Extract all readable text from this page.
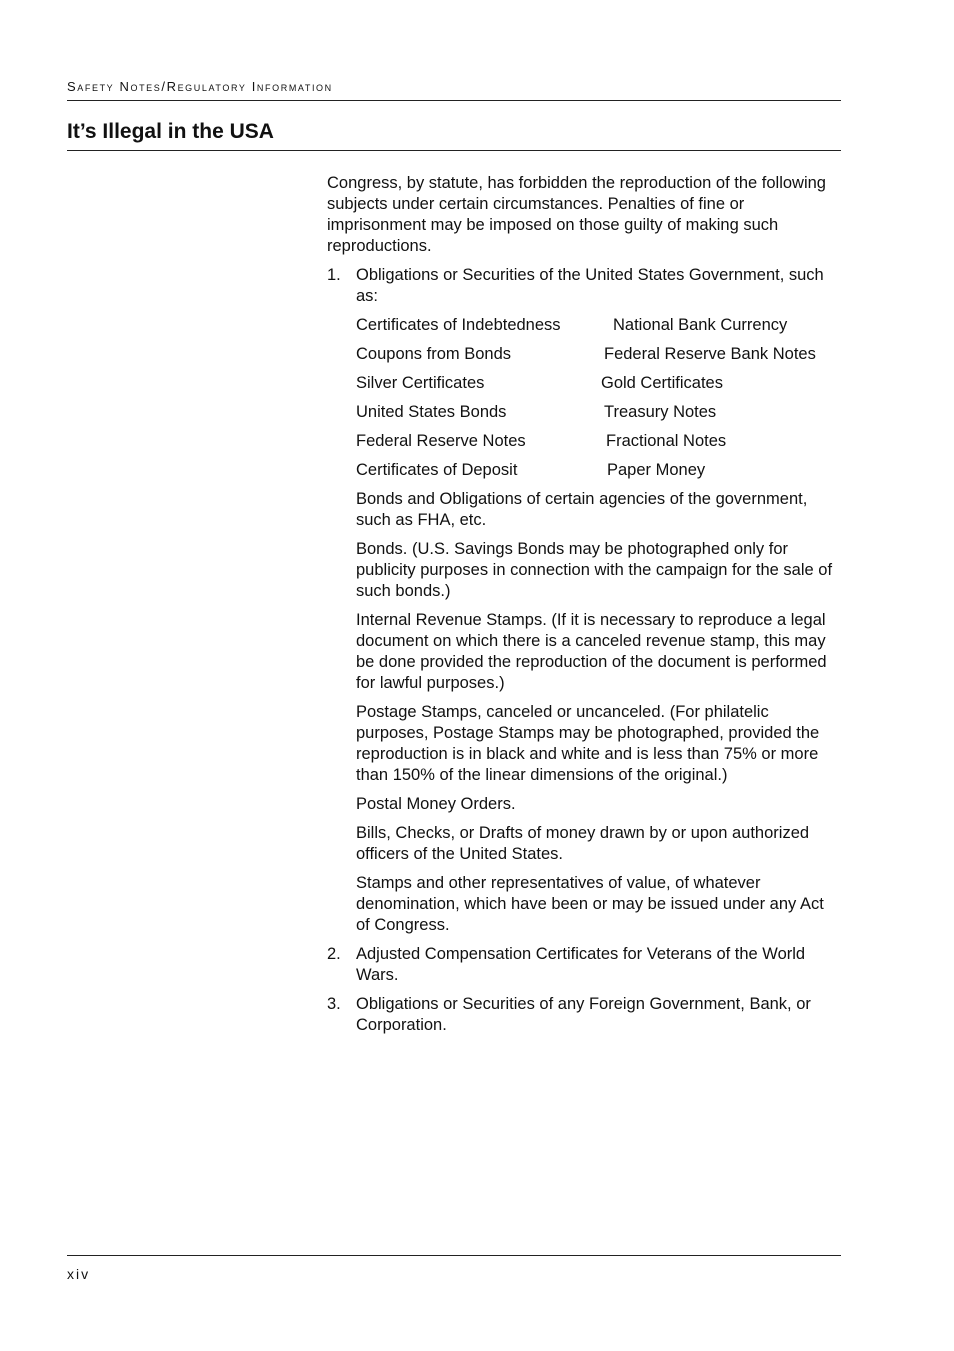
Safety Notes/Regulatory Information
It’s Illegal in the USA

Congress, by statute, has forbidden the reproduction of the following subjects under certain circumstances. Penalties of fine or imprisonment may be imposed on those guilty of making such reproductions.

1. Obligations or Securities of the United States Government, such as:
Certificates of Indebtedness	National Bank Currency
Coupons from Bonds	Federal Reserve Bank Notes
Silver Certificates	Gold Certificates
United States Bonds	Treasury Notes
Federal Reserve Notes	Fractional Notes
Certificates of Deposit	Paper Money

Bonds and Obligations of certain agencies of the government, such as FHA, etc.

Bonds. (U.S. Savings Bonds may be photographed only for publicity purposes in connection with the campaign for the sale of such bonds.)

Internal Revenue Stamps. (If it is necessary to reproduce a legal document on which there is a canceled revenue stamp, this may be done provided the reproduction of the document is performed for lawful purposes.)

Postage Stamps, canceled or uncanceled. (For philatelic purposes, Postage Stamps may be photographed, provided the reproduction is in black and white and is less than 75% or more than 150% of the linear dimensions of the original.)

Postal Money Orders.

Bills, Checks, or Drafts of money drawn by or upon authorized officers of the United States.

Stamps and other representatives of value, of whatever denomination, which have been or may be issued under any Act of Congress.

2. Adjusted Compensation Certificates for Veterans of the World Wars.
3. Obligations or Securities of any Foreign Government, Bank, or Corporation.
xiv
